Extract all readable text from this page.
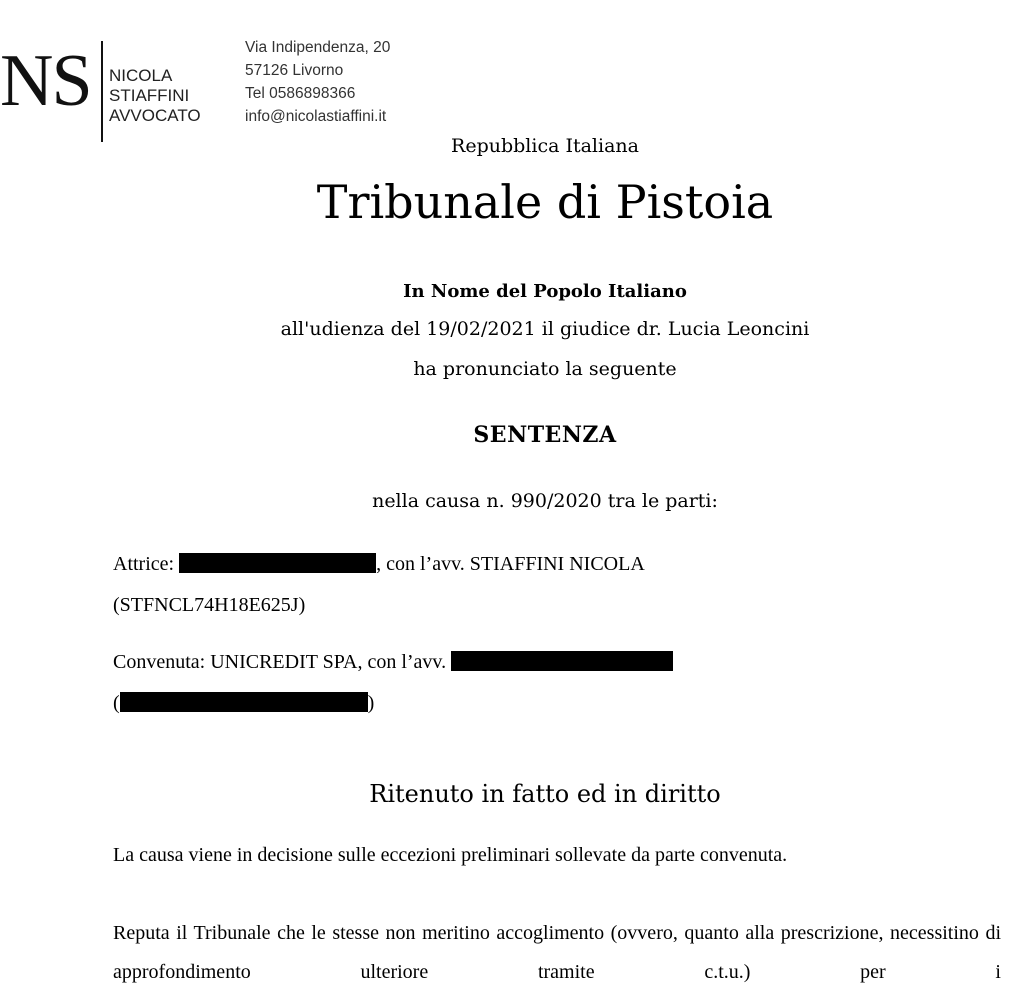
NS NICOLA
STIAFFINI
AVVOCATO
Via Indipendenza, 20
57126 Livorno
Tel 0586898366
info@nicolastiaffini.it
Repubblica Italiana
Tribunale di Pistoia
In Nome del Popolo Italiano
all'udienza del 19/02/2021 il giudice dr. Lucia Leoncini
ha pronunciato la seguente
SENTENZA
nella causa n. 990/2020 tra le parti:
Attrice:	, con l’avv. STIAFFINI NICOLA
(STFNCL74H18E625J)
Convenuta: UNICREDIT SPA, con l’avv.
(	)
Ritenuto in fatto ed in diritto
La causa viene in decisione sulle eccezioni preliminari sollevate da parte convenuta.
Reputa il Tribunale che le stesse non meritino accoglimento (ovvero, quanto alla prescrizione, necessitino di approfondimento ulteriore tramite c.t.u.) per i
